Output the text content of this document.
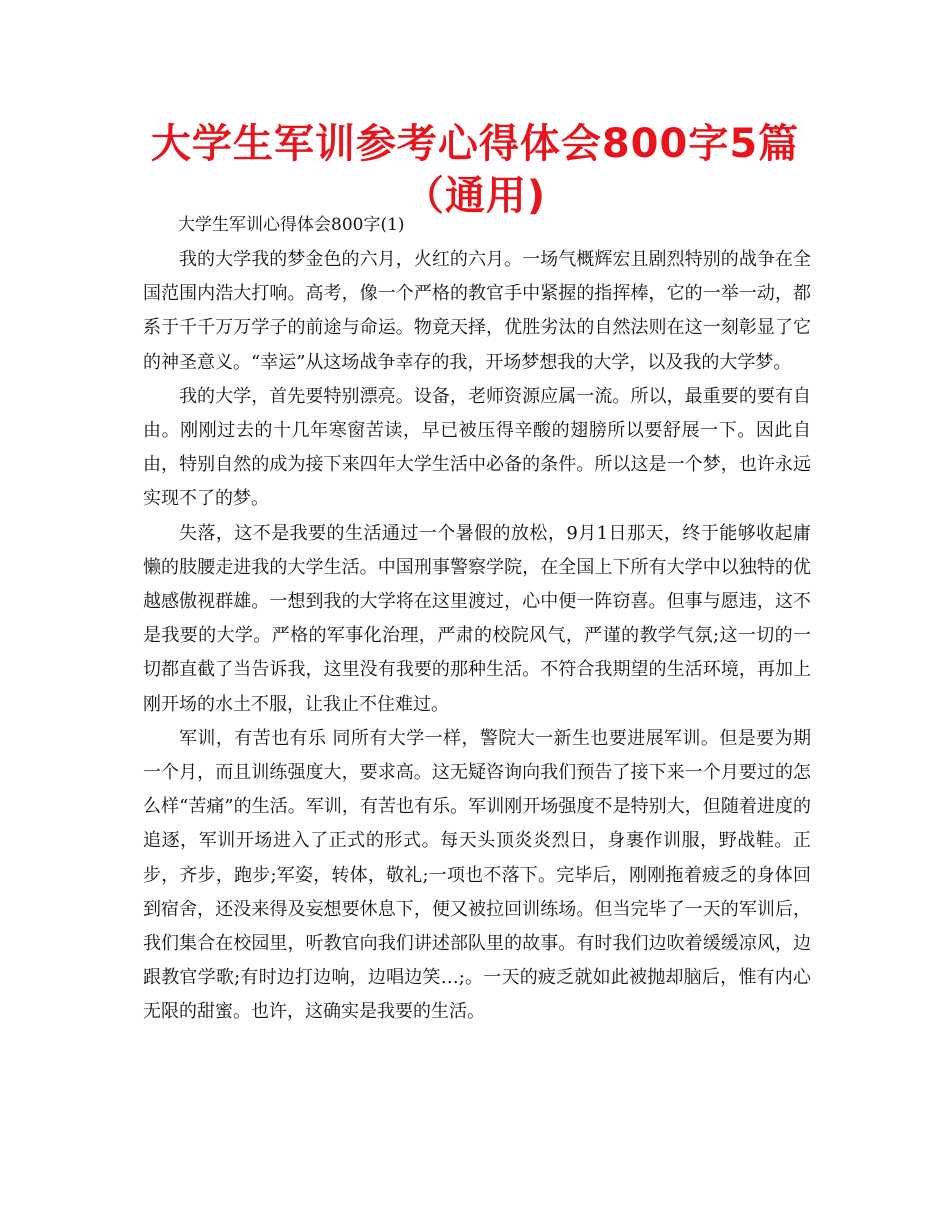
大学生军训参考心得体会800字5篇（通用)
大学生军训心得体会800字(1)

我的大学我的梦金色的六月，火红的六月。一场气概辉宏且剧烈特别的战争在全国范围内浩大打响。高考，像一个严格的教官手中紧握的指挥棒，它的一举一动，都系于千千万万学子的前途与命运。物竟天择，优胜劣汰的自然法则在这一刻彰显了它的神圣意义。“幸运”从这场战争幸存的我，开场梦想我的大学，以及我的大学梦。

我的大学，首先要特别漂亮。设备，老师资源应属一流。所以，最重要的要有自由。刚刚过去的十几年寒窗苦读，早已被压得辛酸的翅膀所以要舒展一下。因此自由，特别自然的成为接下来四年大学生活中必备的条件。所以这是一个梦，也许永远实现不了的梦。

失落，这不是我要的生活通过一个暑假的放松，9月1日那天，终于能够收起庸懒的肢腰走进我的大学生活。中国刑事警察学院，在全国上下所有大学中以独特的优越感傲视群雄。一想到我的大学将在这里渡过，心中便一阵窃喜。但事与愿违，这不是我要的大学。严格的军事化治理，严肃的校院风气，严谨的教学气氛;这一切的一切都直截了当告诉我，这里没有我要的那种生活。不符合我期望的生活环境，再加上刚开场的水土不服，让我止不住难过。

军训，有苦也有乐 同所有大学一样，警院大一新生也要进展军训。但是要为期一个月，而且训练强度大，要求高。这无疑咨询向我们预告了接下来一个月要过的怎么样“苦痛”的生活。军训，有苦也有乐。军训刚开场强度不是特别大，但随着进度的追逐，军训开场进入了正式的形式。每天头顶炎炎烈日，身裹作训服，野战鞋。正步，齐步，跑步;军姿，转体，敬礼;一项也不落下。完毕后，刚刚拖着疲乏的身体回到宿舍，还没来得及妄想要休息下，便又被拉回训练场。但当完毕了一天的军训后，我们集合在校园里，听教官向我们讲述部队里的故事。有时我们边吹着缓缓凉风，边跟教官学歌;有时边打边响，边唱边笑…;。一天的疲乏就如此被抛却脑后，惟有内心无限的甜蜜。也许，这确实是我要的生活。
